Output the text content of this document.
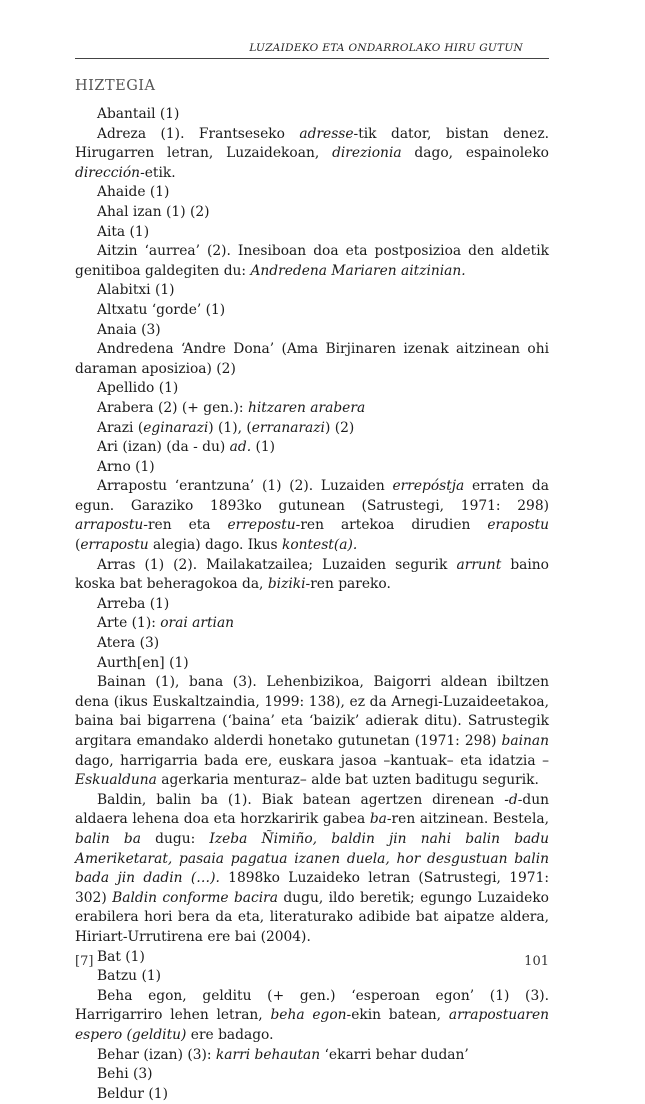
LUZAIDEKO ETA ONDARROLAKO HIRU GUTUN
HIZTEGIA

Abantail (1)

Adreza (1). Frantseseko adresse-tik dator, bistan denez. Hirugarren letran, Luzaidekoan, direzionia dago, espainoleko dirección-etik.

Ahaide (1)

Ahal izan (1) (2)

Aita (1)

Aitzin ‘aurrea’ (2). Inesiboan doa eta postposizioa den aldetik genitiboa galdegiten du: Andredena Mariaren aitzinian.

Alabitxi (1)

Altxatu ‘gorde’ (1)

Anaia (3)

Andredena ‘Andre Dona’ (Ama Birjinaren izenak aitzinean ohi daraman aposizioa) (2)

Apellido (1)

Arabera (2) (+ gen.): hitzaren arabera

Arazi (eginarazi) (1), (erranarazi) (2)

Ari (izan) (da - du) ad. (1)

Arno (1)

Arrapostu ‘erantzuna’ (1) (2). Luzaiden errepóstja erraten da egun. Garaziko 1893ko gutunean (Satrustegi, 1971: 298) arrapostu-ren eta errepostu-ren artekoa dirudien erapostu (errapostu alegia) dago. Ikus kontest(a).

Arras (1) (2). Mailakatzailea; Luzaiden segurik arrunt baino koska bat beheragokoa da, biziki-ren pareko.

Arreba (1)

Arte (1): orai artian

Atera (3)

Aurth[en] (1)

Bainan (1), bana (3). Lehenbizikoa, Baigorri aldean ibiltzen dena (ikus Euskaltzaindia, 1999: 138), ez da Arnegi-Luzaideetakoa, baina bai bigarrena (‘baina’ eta ‘baizik’ adierak ditu). Satrustegik argitara emandako alderdi honetako gutunetan (1971: 298) bainan dago, harrigarria bada ere, euskara jasoa –kantuak– eta idatzia –Eskualduna agerkaria menturaz– alde bat uzten baditugu segurik.

Baldin, balin ba (1). Biak batean agertzen direnean -d-dun aldaera lehena doa eta horzkaririk gabea ba-ren aitzinean. Bestela, balin ba dugu: Izeba Ñimiño, baldin jin nahi balin badu Ameriketarat, pasaia pagatua izanen duela, hor desgustuan balin bada jin dadin (…). 1898ko Luzaideko letran (Satrustegi, 1971: 302) Baldin conforme bacira dugu, ildo beretik; egungo Luzaideko erabilera hori bera da eta, literaturako adibide bat aipatze aldera, Hiriart-Urrutirena ere bai (2004).

Bat (1)

Batzu (1)

Beha egon, gelditu (+ gen.) ‘esperoan egon’ (1) (3). Harrigarriro lehen letran, beha egon-ekin batean, arrapostuaren espero (gelditu) ere badago.

Behar (izan) (3): karri behautan ‘ekarri behar dudan’

Behi (3)

Beldur (1)

[7]	101
